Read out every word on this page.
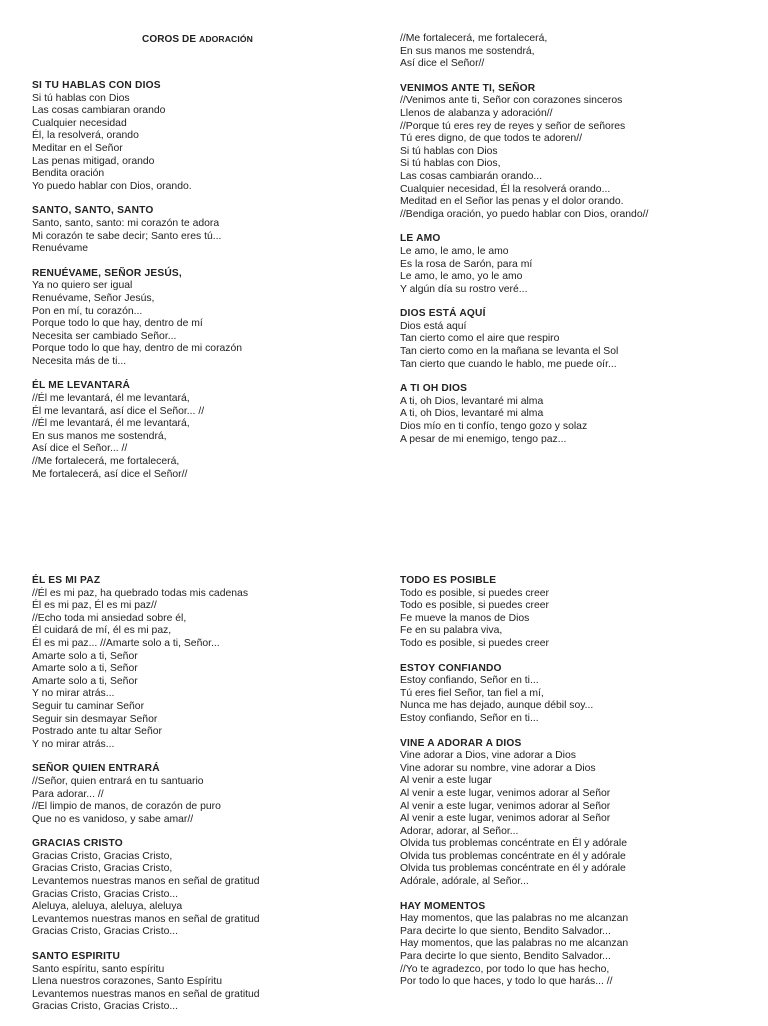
COROS DE ADORACIÓN
SI TU HABLAS CON DIOS
Si tú hablas con Dios
Las cosas cambiaran orando
Cualquier necesidad
Él, la resolverá, orando
Meditar en el Señor
Las penas mitigad, orando
Bendita oración
Yo puedo hablar con Dios, orando.
SANTO, SANTO, SANTO
Santo, santo, santo: mi corazón te adora
Mi corazón te sabe decir; Santo eres tú...
Renuévame
RENUÉVAME, SEÑOR JESÚS,
Ya no quiero ser igual
Renuévame, Señor Jesús,
Pon en mí, tu corazón...
Porque todo lo que hay, dentro de mí
Necesita ser cambiado Señor...
Porque todo lo que hay, dentro de mi corazón
Necesita más de ti...
ÉL ME LEVANTARÁ
//Él me levantará, él me levantará,
Él me levantará, así dice el Señor... //
//Él me levantará, él me levantará,
En sus manos me sostendrá,
Así dice el Señor... //
//Me fortalecerá, me fortalecerá,
Me fortalecerá, así dice el Señor//
//Me fortalecerá, me fortalecerá,
En sus manos me sostendrá,
Así dice el Señor//
VENIMOS ANTE TI, SEÑOR
//Venimos ante ti, Señor con corazones sinceros
Llenos de alabanza y adoración//
//Porque tú eres rey de reyes y señor de señores
Tú eres digno, de que todos te adoren//
Si tú hablas con Dios
Si tú hablas con Dios,
Las cosas cambiarán orando...
Cualquier necesidad, Él la resolverá orando...
Meditad en el Señor las penas y el dolor orando.
//Bendiga oración, yo puedo hablar con Dios, orando//
LE AMO
Le amo, le amo, le amo
Es la rosa de Sarón, para mí
Le amo, le amo, yo le amo
Y algún día su rostro veré...
DIOS ESTÁ AQUÍ
Dios está aquí
Tan cierto como el aire que respiro
Tan cierto como en la mañana se levanta el Sol
Tan cierto que cuando le hablo, me puede oír...
A TI OH DIOS
A ti, oh Dios, levantaré mi alma
A ti, oh Dios, levantaré mi alma
Dios mío en ti confío, tengo gozo y solaz
A pesar de mi enemigo, tengo paz...
ÉL ES MI PAZ
//Él es mi paz, ha quebrado todas mis cadenas
Él es mi paz, Él es mi paz//
//Echo toda mi ansiedad sobre él,
Él cuidará de mí, él es mi paz,
Él es mi paz... //Amarte solo a ti, Señor...
Amarte solo a ti, Señor
Amarte solo a ti, Señor
Amarte solo a ti, Señor
Y no mirar atrás...
Seguir tu caminar Señor
Seguir sin desmayar Señor
Postrado ante tu altar Señor
Y no mirar atrás...
SEÑOR QUIEN ENTRARÁ
//Señor, quien entrará en tu santuario
Para adorar... //
//El limpio de manos, de corazón de puro
Que no es vanidoso, y sabe amar//
GRACIAS CRISTO
Gracias Cristo, Gracias Cristo,
Gracias Cristo, Gracias Cristo,
Levantemos nuestras manos en señal de gratitud
Gracias Cristo, Gracias Cristo...
Aleluya, aleluya, aleluya, aleluya
Levantemos nuestras manos en señal de gratitud
Gracias Cristo, Gracias Cristo...
SANTO ESPIRITU
Santo espíritu, santo espíritu
Llena nuestros corazones, Santo Espíritu
Levantemos nuestras manos en señal de gratitud
Gracias Cristo, Gracias Cristo...
TODO ES POSIBLE
Todo es posible, si puedes creer
Todo es posible, si puedes creer
Fe mueve la manos de Dios
Fe en su palabra viva,
Todo es posible, si puedes creer
ESTOY CONFIANDO
Estoy confiando, Señor en ti...
Tú eres fiel Señor, tan fiel a mí,
Nunca me has dejado, aunque débil soy...
Estoy confiando, Señor en ti...
VINE A ADORAR A DIOS
Vine adorar a Dios, vine adorar a Dios
Vine adorar su nombre, vine adorar a Dios
Al venir a este lugar
Al venir a este lugar, venimos adorar al Señor
Al venir a este lugar, venimos adorar al Señor
Al venir a este lugar, venimos adorar al Señor
Adorar, adorar, al Señor...
Olvida tus problemas concéntrate en Él y adórale
Olvida tus problemas concéntrate en él y adórale
Olvida tus problemas concéntrate en él y adórale
Adórale, adórale, al Señor...
HAY MOMENTOS
Hay momentos, que las palabras no me alcanzan
Para decirte lo que siento, Bendito Salvador...
Hay momentos, que las palabras no me alcanzan
Para decirte lo que siento, Bendito Salvador...
//Yo te agradezco, por todo lo que has hecho,
Por todo lo que haces, y todo lo que harás... //
